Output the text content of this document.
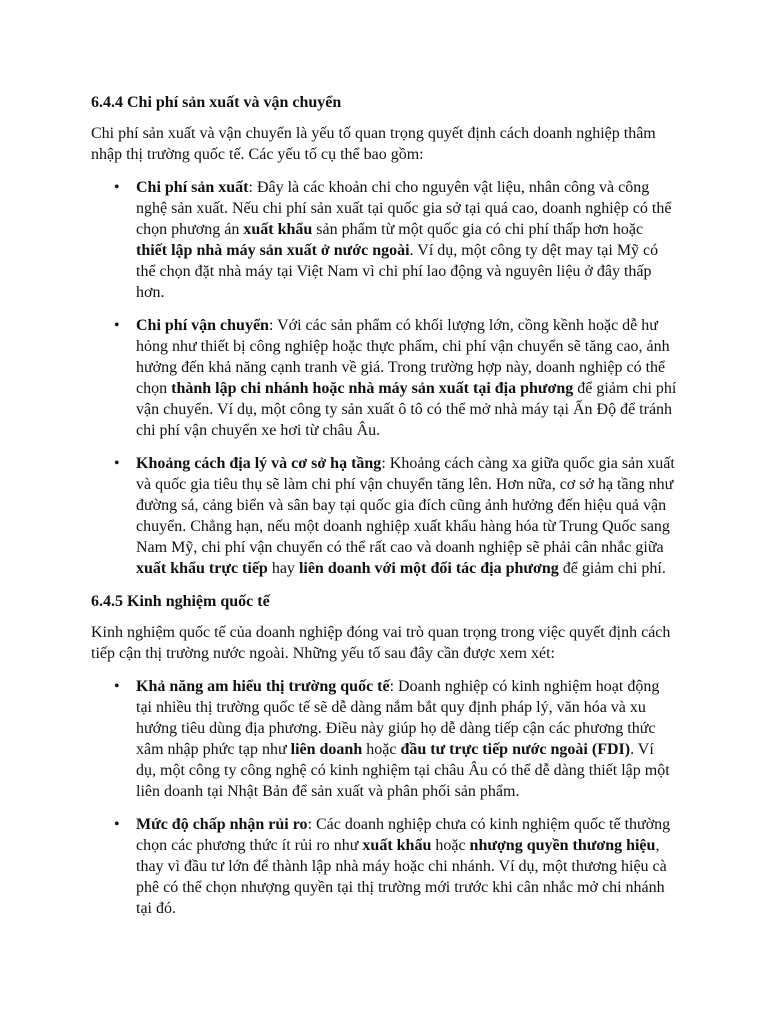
6.4.4 Chi phí sản xuất và vận chuyển

Chi phí sản xuất và vận chuyển là yếu tố quan trọng quyết định cách doanh nghiệp thâm nhập thị trường quốc tế. Các yếu tố cụ thể bao gồm:

• Chi phí sản xuất: Đây là các khoản chi cho nguyên vật liệu, nhân công và công nghệ sản xuất. Nếu chi phí sản xuất tại quốc gia sở tại quá cao, doanh nghiệp có thể chọn phương án xuất khẩu sản phẩm từ một quốc gia có chi phí thấp hơn hoặc thiết lập nhà máy sản xuất ở nước ngoài. Ví dụ, một công ty dệt may tại Mỹ có thể chọn đặt nhà máy tại Việt Nam vì chi phí lao động và nguyên liệu ở đây thấp hơn.
• Chi phí vận chuyển: Với các sản phẩm có khối lượng lớn, cồng kềnh hoặc dễ hư hỏng như thiết bị công nghiệp hoặc thực phẩm, chi phí vận chuyển sẽ tăng cao, ảnh hưởng đến khả năng cạnh tranh về giá. Trong trường hợp này, doanh nghiệp có thể chọn thành lập chi nhánh hoặc nhà máy sản xuất tại địa phương để giảm chi phí vận chuyển. Ví dụ, một công ty sản xuất ô tô có thể mở nhà máy tại Ấn Độ để tránh chi phí vận chuyển xe hơi từ châu Âu.
• Khoảng cách địa lý và cơ sở hạ tầng: Khoảng cách càng xa giữa quốc gia sản xuất và quốc gia tiêu thụ sẽ làm chi phí vận chuyển tăng lên. Hơn nữa, cơ sở hạ tầng như đường sá, cảng biển và sân bay tại quốc gia đích cũng ảnh hưởng đến hiệu quả vận chuyển. Chẳng hạn, nếu một doanh nghiệp xuất khẩu hàng hóa từ Trung Quốc sang Nam Mỹ, chi phí vận chuyển có thể rất cao và doanh nghiệp sẽ phải cân nhắc giữa xuất khẩu trực tiếp hay liên doanh với một đối tác địa phương để giảm chi phí.
6.4.5 Kinh nghiệm quốc tế

Kinh nghiệm quốc tế của doanh nghiệp đóng vai trò quan trọng trong việc quyết định cách tiếp cận thị trường nước ngoài. Những yếu tố sau đây cần được xem xét:

• Khả năng am hiểu thị trường quốc tế: Doanh nghiệp có kinh nghiệm hoạt động tại nhiều thị trường quốc tế sẽ dễ dàng nắm bắt quy định pháp lý, văn hóa và xu hướng tiêu dùng địa phương. Điều này giúp họ dễ dàng tiếp cận các phương thức xâm nhập phức tạp như liên doanh hoặc đầu tư trực tiếp nước ngoài (FDI). Ví dụ, một công ty công nghệ có kinh nghiệm tại châu Âu có thể dễ dàng thiết lập một liên doanh tại Nhật Bản để sản xuất và phân phối sản phẩm.
• Mức độ chấp nhận rủi ro: Các doanh nghiệp chưa có kinh nghiệm quốc tế thường chọn các phương thức ít rủi ro như xuất khẩu hoặc nhượng quyền thương hiệu, thay vì đầu tư lớn để thành lập nhà máy hoặc chi nhánh. Ví dụ, một thương hiệu cà phê có thể chọn nhượng quyền tại thị trường mới trước khi cân nhắc mở chi nhánh tại đó.
